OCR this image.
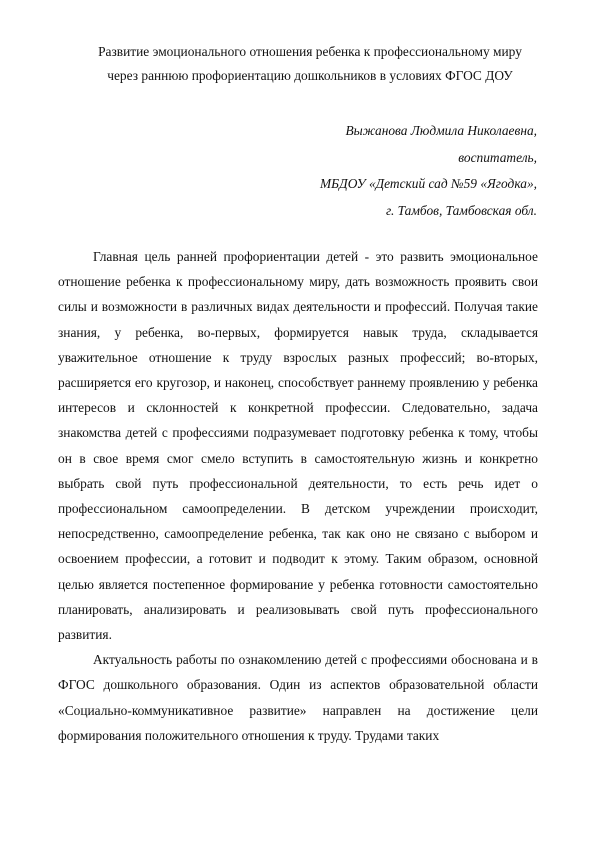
Развитие эмоционального отношения ребенка к профессиональному миру
через раннюю профориентацию дошкольников в условиях ФГОС ДОУ
Выжанова Людмила Николаевна,
воспитатель,
МБДОУ «Детский сад №59 «Ягодка»,
г. Тамбов, Тамбовская обл.

Главная цель ранней профориентации детей - это развить эмоциональное отношение ребенка к профессиональному миру, дать возможность проявить свои силы и возможности в различных видах деятельности и профессий. Получая такие знания, у ребенка, во-первых, формируется навык труда, складывается уважительное отношение к труду взрослых разных профессий; во-вторых, расширяется его кругозор, и наконец, способствует раннему проявлению у ребенка интересов и склонностей к конкретной профессии. Следовательно, задача знакомства детей с профессиями подразумевает подготовку ребенка к тому, чтобы он в свое время смог смело вступить в самостоятельную жизнь и конкретно выбрать свой путь профессиональной деятельности, то есть речь идет о профессиональном самоопределении. В детском учреждении происходит, непосредственно, самоопределение ребенка, так как оно не связано с выбором и освоением профессии, а готовит и подводит к этому. Таким образом, основной целью является постепенное формирование у ребенка готовности самостоятельно планировать, анализировать и реализовывать свой путь профессионального развития.

Актуальность работы по ознакомлению детей с профессиями обоснована и в ФГОС дошкольного образования. Один из аспектов образовательной области «Социально-коммуникативное развитие» направлен на достижение цели формирования положительного отношения к труду. Трудами таких
